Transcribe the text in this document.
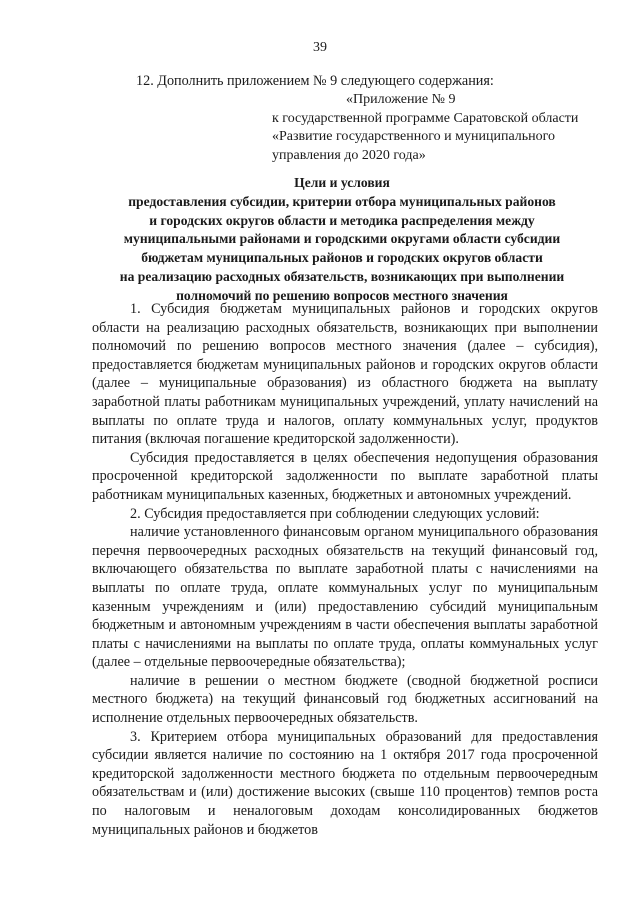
39
12. Дополнить приложением № 9 следующего содержания:
«Приложение № 9
к государственной программе Саратовской области
«Развитие государственного и муниципального
управления до 2020 года»
Цели и условия
предоставления субсидии, критерии отбора муниципальных районов
и городских округов области и методика распределения между
муниципальными районами и городскими округами области субсидии
бюджетам муниципальных районов и городских округов области
на реализацию расходных обязательств, возникающих при выполнении
полномочий по решению вопросов местного значения

1. Субсидия бюджетам муниципальных районов и городских округов области на реализацию расходных обязательств, возникающих при выполнении полномочий по решению вопросов местного значения (далее – субсидия), предоставляется бюджетам муниципальных районов и городских округов области (далее – муниципальные образования) из областного бюджета на выплату заработной платы работникам муниципальных учреждений, уплату начислений на выплаты по оплате труда и налогов, оплату коммунальных услуг, продуктов питания (включая погашение кредиторской задолженности).

Субсидия предоставляется в целях обеспечения недопущения образования просроченной кредиторской задолженности по выплате заработной платы работникам муниципальных казенных, бюджетных и автономных учреждений.

2. Субсидия предоставляется при соблюдении следующих условий:

наличие установленного финансовым органом муниципального образования перечня первоочередных расходных обязательств на текущий финансовый год, включающего обязательства по выплате заработной платы с начислениями на выплаты по оплате труда, оплате коммунальных услуг по муниципальным казенным учреждениям и (или) предоставлению субсидий муниципальным бюджетным и автономным учреждениям в части обеспечения выплаты заработной платы с начислениями на выплаты по оплате труда, оплаты коммунальных услуг (далее – отдельные первоочередные обязательства);

наличие в решении о местном бюджете (сводной бюджетной росписи местного бюджета) на текущий финансовый год бюджетных ассигнований на исполнение отдельных первоочередных обязательств.

3. Критерием отбора муниципальных образований для предоставления субсидии является наличие по состоянию на 1 октября 2017 года просроченной кредиторской задолженности местного бюджета по отдельным первоочередным обязательствам и (или) достижение высоких (свыше 110 процентов) темпов роста по налоговым и неналоговым доходам консолидированных бюджетов муниципальных районов и бюджетов
